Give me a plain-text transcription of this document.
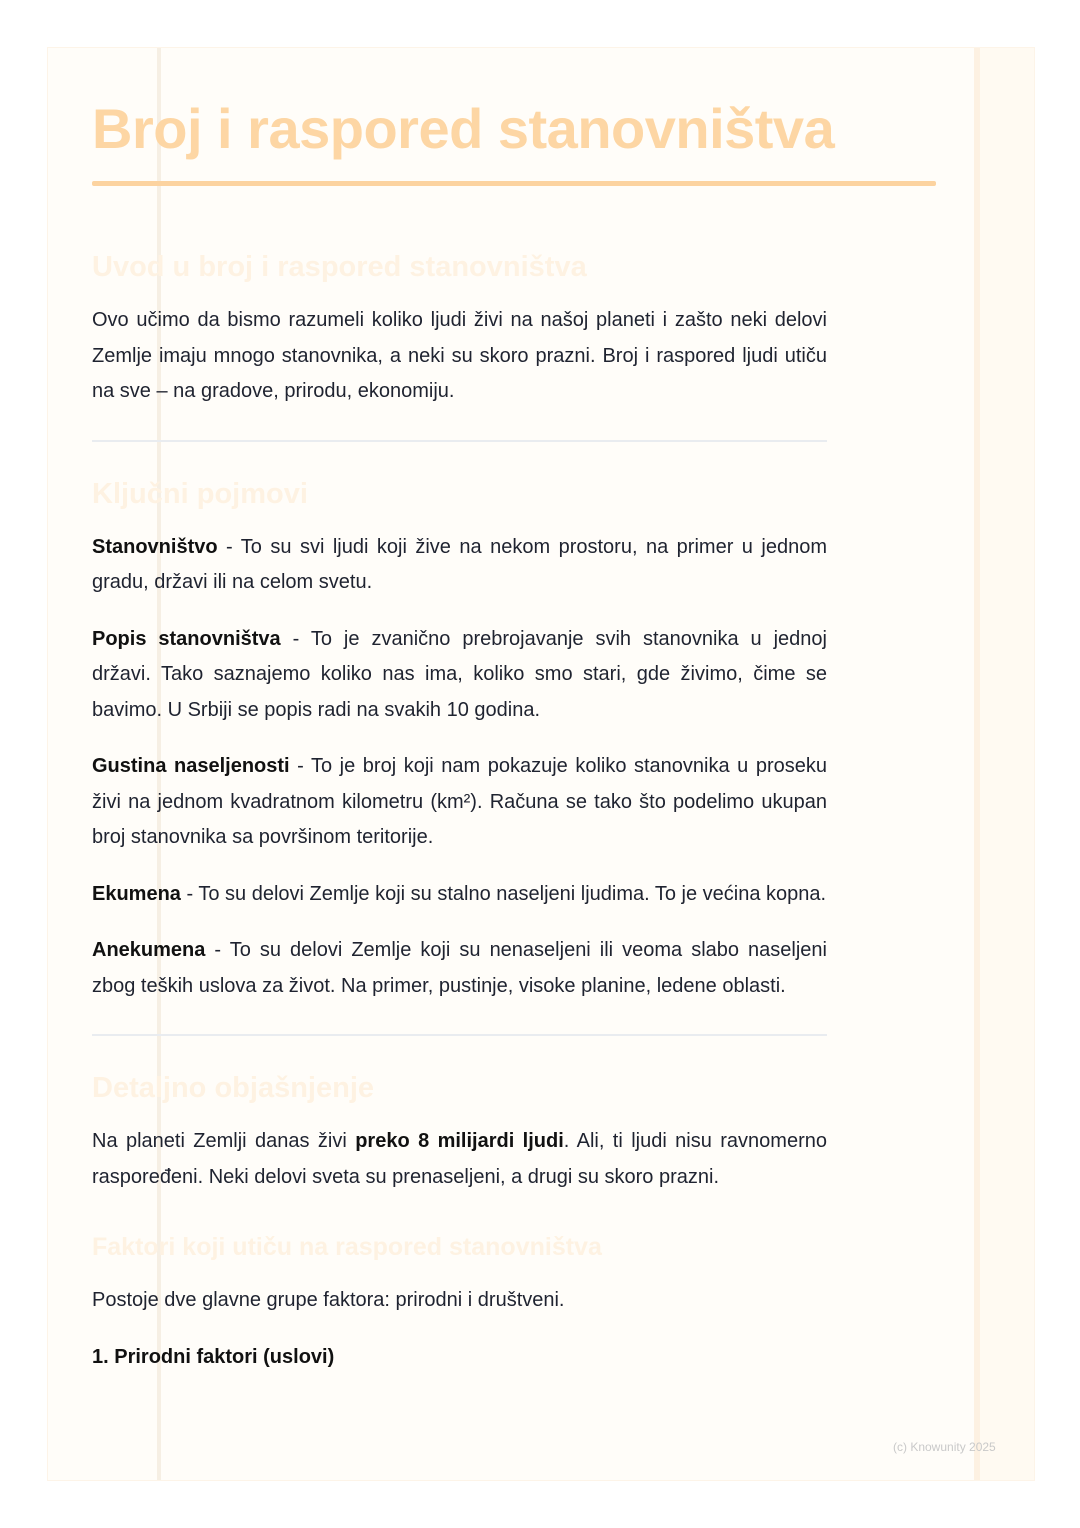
Broj i raspored stanovništva
Uvod u broj i raspored stanovništva

Ovo učimo da bismo razumeli koliko ljudi živi na našoj planeti i zašto neki delovi Zemlje imaju mnogo stanovnika, a neki su skoro prazni. Broj i raspored ljudi utiču na sve – na gradove, prirodu, ekonomiju.

Ključni pojmovi

Stanovništvo - To su svi ljudi koji žive na nekom prostoru, na primer u jednom gradu, državi ili na celom svetu.

Popis stanovništva - To je zvanično prebrojavanje svih stanovnika u jednoj državi. Tako saznajemo koliko nas ima, koliko smo stari, gde živimo, čime se bavimo. U Srbiji se popis radi na svakih 10 godina.

Gustina naseljenosti - To je broj koji nam pokazuje koliko stanovnika u proseku živi na jednom kvadratnom kilometru (km²). Računa se tako što podelimo ukupan broj stanovnika sa površinom teritorije.

Ekumena - To su delovi Zemlje koji su stalno naseljeni ljudima. To je većina kopna.

Anekumena - To su delovi Zemlje koji su nenaseljeni ili veoma slabo naseljeni zbog teških uslova za život. Na primer, pustinje, visoke planine, ledene oblasti.

Detaljno objašnjenje

Na planeti Zemlji danas živi preko 8 milijardi ljudi. Ali, ti ljudi nisu ravnomerno raspoređeni. Neki delovi sveta su prenaseljeni, a drugi su skoro prazni.

Faktori koji utiču na raspored stanovništva

Postoje dve glavne grupe faktora: prirodni i društveni.

1. Prirodni faktori (uslovi)

(c) Knowunity 2025
